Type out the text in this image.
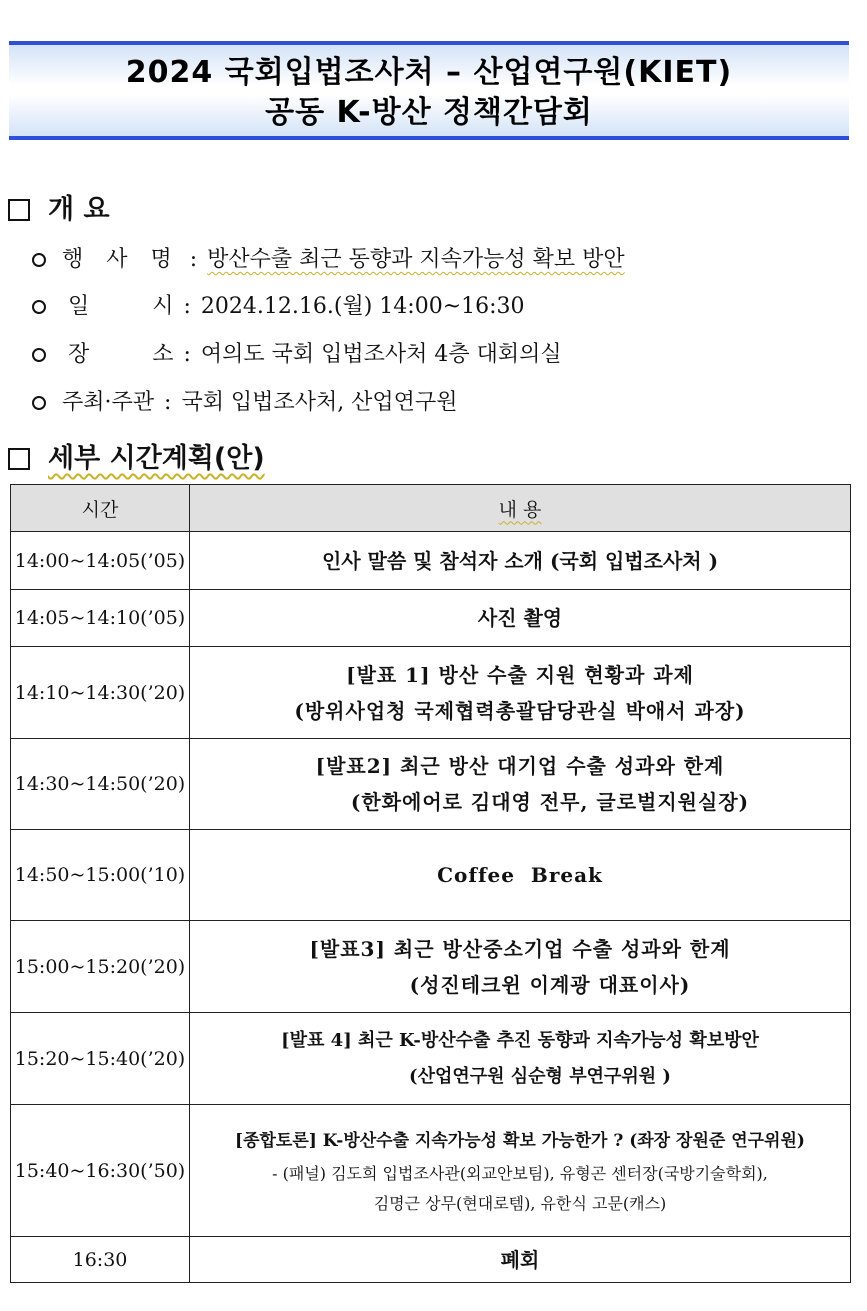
2024 국회입법조사처 – 산업연구원(KIET)
공동 K-방산 정책간담회
개 요
행 사 명 : 방산수출 최근 동향과 지속가능성 확보 방안
일 시 : 2024.12.16.(월) 14:00~16:30
장 소 : 여의도 국회 입법조사처 4층 대회의실
주최·주관 : 국회 입법조사처, 산업연구원
세부 시간계획(안)
시간	내 용
14:00~14:05(’05)	인사 말씀 및 참석자 소개 (국회 입법조사처 )
14:05~14:10(’05)	사진 촬영
14:10~14:30(’20)	[발표 1] 방산 수출 지원 현황과 과제
(방위사업청 국제협력총괄담당관실 박애서 과장)

14:30~14:50(’20)	[발표2] 최근 방산 대기업 수출 성과와 한계
(한화에어로 김대영 전무, 글로벌지원실장)

14:50~15:00(’10)	Coffee  Break
15:00~15:20(’20)	[발표3] 최근 방산중소기업 수출 성과와 한계
(성진테크윈 이계광 대표이사)

15:20~15:40(’20)	[발표 4] 최근 K-방산수출 추진 동향과 지속가능성 확보방안
(산업연구원 심순형 부연구위원 )

15:40~16:30(’50)	[종합토론] K-방산수출 지속가능성 확보 가능한가 ? (좌장 장원준 연구위원)
- (패널) 김도희 입법조사관(외교안보팀), 유형곤 센터장(국방기술학회),
김명근 상무(현대로템), 유한식 고문(캐스)

16:30	폐회
